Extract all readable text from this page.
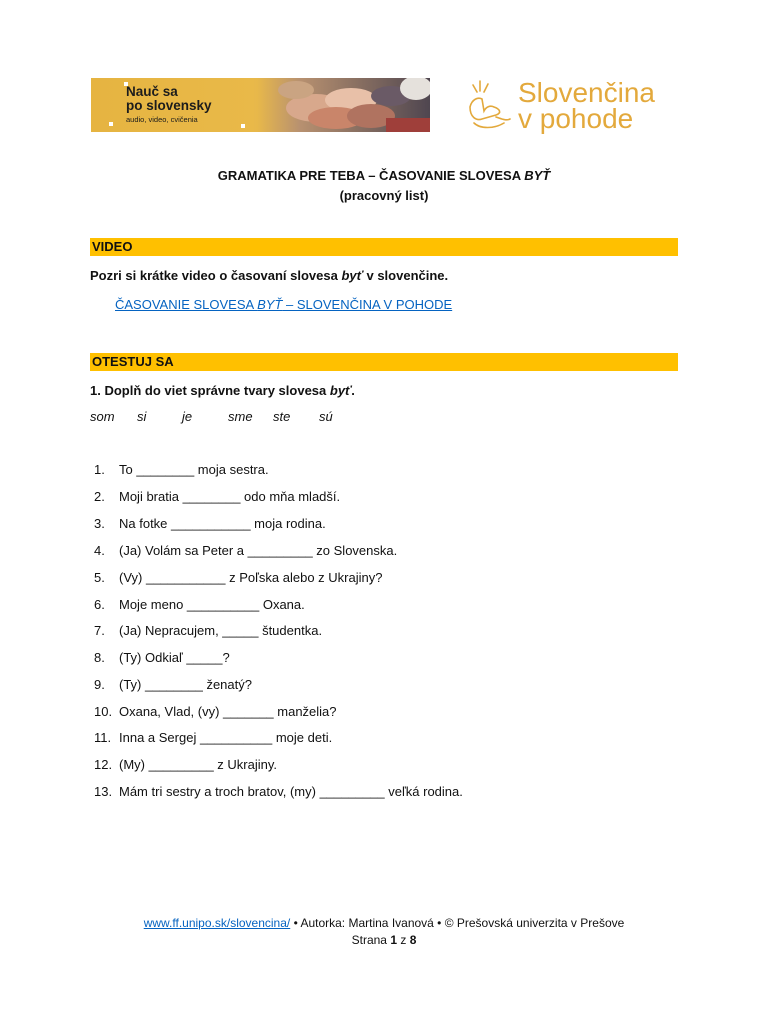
Nauč sa
po slovensky
audio, video, cvičenia
Slovenčina
v pohode
GRAMATIKA PRE TEBA – ČASOVANIE SLOVESA BYŤ
(pracovný list)
VIDEO
Pozri si krátke video o časovaní slovesa byť v slovenčine.
ČASOVANIE SLOVESA BYŤ – SLOVENČINA V POHODE
OTESTUJ SA
1. Doplň do viet správne tvary slovesa byť.
som si	je	sme ste sú
1. To ________ moja sestra.
2. Moji bratia ________ odo mňa mladší.
3. Na fotke ___________ moja rodina.
4. (Ja) Volám sa Peter a _________ zo Slovenska.
5. (Vy) ___________ z Poľska alebo z Ukrajiny?
6. Moje meno __________ Oxana.
7. (Ja) Nepracujem, _____ študentka.
8. (Ty) Odkiaľ _____?
9. (Ty) ________ ženatý?
10. Oxana, Vlad, (vy) _______ manželia?
11. Inna a Sergej __________ moje deti.
12. (My) _________ z Ukrajiny.
13. Mám tri sestry a troch bratov, (my) _________ veľká rodina.
www.ff.unipo.sk/slovencina/ • Autorka: Martina Ivanová • © Prešovská univerzita v Prešove
Strana 1 z 8
